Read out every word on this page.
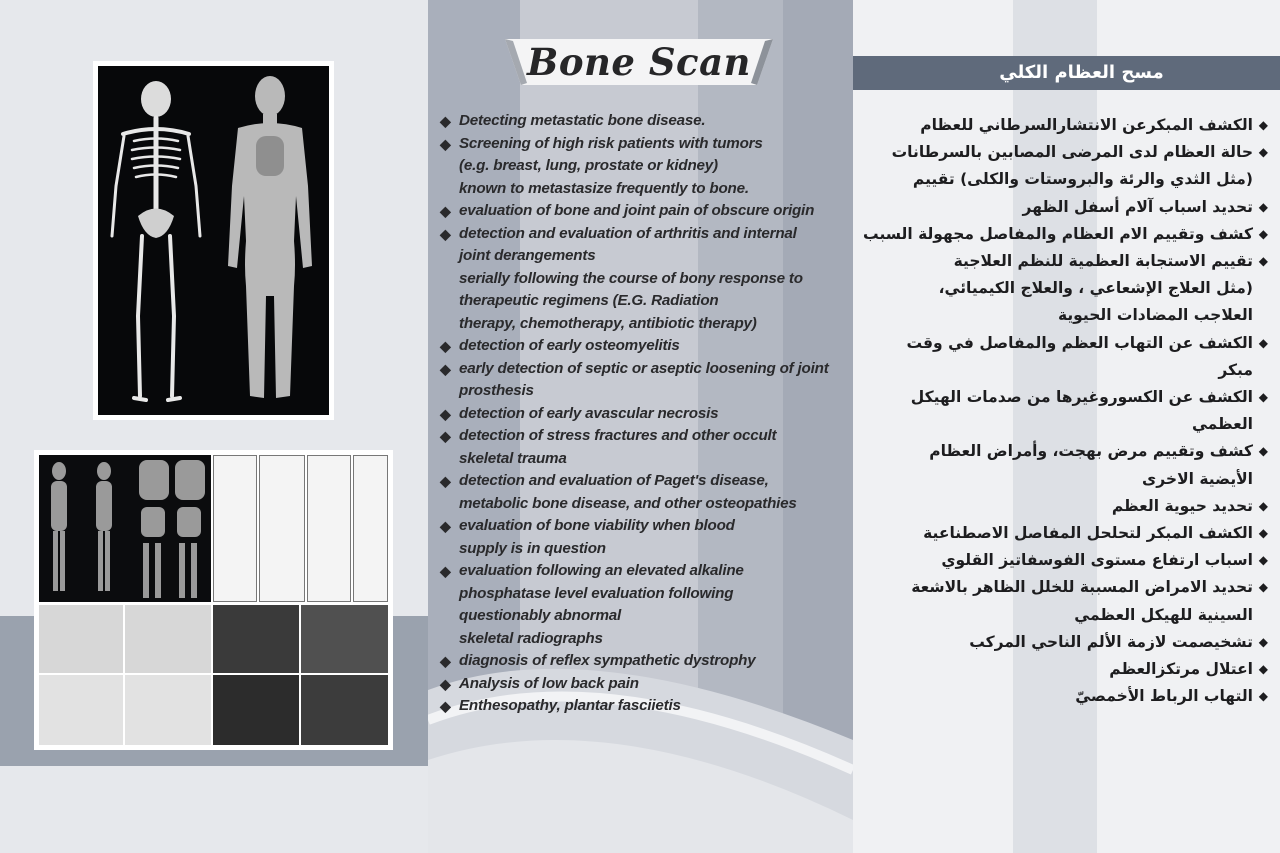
Bone Scan
◆ Detecting metastatic bone disease.
◆ Screening of high risk patients with tumors
(e.g. breast, lung, prostate or kidney)
known to metastasize frequently to bone.
◆ evaluation of bone and joint pain of obscure origin
◆ detection and evaluation of arthritis and internal
joint derangements
serially following the course of bony response to
therapeutic regimens (E.G. Radiation
therapy, chemotherapy, antibiotic therapy)
◆ detection of early osteomyelitis
◆ early detection of septic or aseptic loosening of joint
prosthesis
◆ detection of early avascular necrosis
◆ detection of stress fractures and other occult
skeletal trauma
◆ detection and evaluation of Paget's disease,
metabolic bone disease, and other osteopathies
◆ evaluation of bone viability when blood
supply is in question
◆ evaluation following an elevated alkaline
phosphatase level evaluation following
questionably abnormal
skeletal radiographs
◆ diagnosis of reflex sympathetic dystrophy
◆ Analysis of low back pain
◆ Enthesopathy, plantar fasciietis
مسح العظام الكلي
◆
الكشف المبكرعن الانتشارالسرطاني للعظام
◆
حالة العظام لدى المرضى المصابين بالسرطانات
(مثل الثدي والرئة والبروستات والكلى) تقييم
◆
تحديد اسباب آلام أسفل الظهر
◆
كشف وتقييم الام العظام والمفاصل مجهولة السبب
◆
تقييم الاستجابة العظمية للنظم العلاجية
(مثل العلاج الإشعاعي ، والعلاج الكيميائي،
العلاجب المضادات الحيوية
◆
الكشف عن التهاب العظم والمفاصل في وقت
مبكر
◆
الكشف عن الكسوروغيرها من صدمات الهيكل
العظمي
◆
كشف وتقييم مرض بهجت، وأمراض العظام
الأيضية الاخرى
◆
تحديد حيوية العظم
◆
الكشف المبكر لتحلحل المفاصل الاصطناعية
◆
اسباب ارتفاع مستوى الفوسفاتيز القلوي
◆
تحديد الامراض المسببة للخلل الظاهر بالاشعة
السينية للهيكل العظمي
◆
تشخيصمت لازمة الألم الناحي المركب
◆
اعتلال مرتكزالعظم
◆
التهاب الرباط الأخمصيّ
